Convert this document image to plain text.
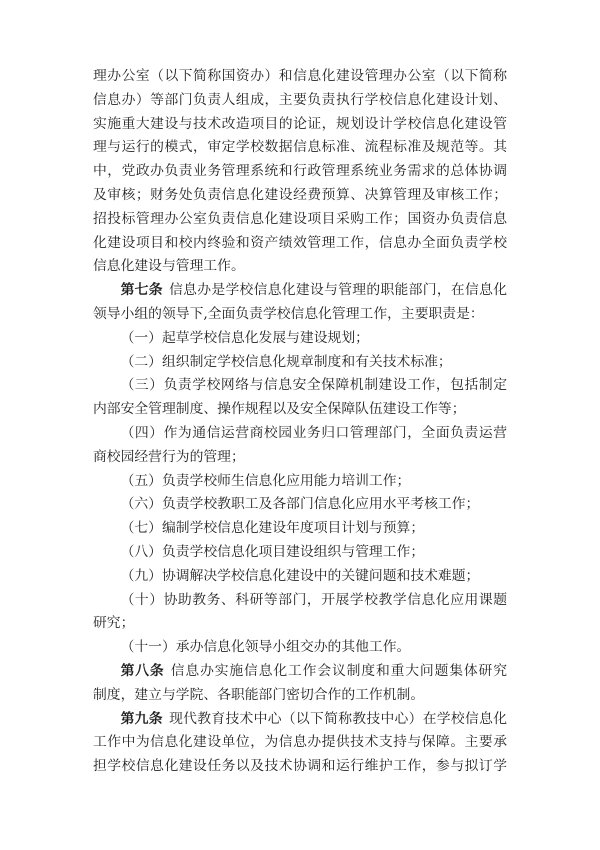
理办公室（以下简称国资办）和信息化建设管理办公室（以下简称
信息办）等部门负责人组成，主要负责执行学校信息化建设计划、
实施重大建设与技术改造项目的论证，规划设计学校信息化建设管
理与运行的模式，审定学校数据信息标准、流程标准及规范等。其
中，党政办负责业务管理系统和行政管理系统业务需求的总体协调
及审核；财务处负责信息化建设经费预算、决算管理及审核工作；
招投标管理办公室负责信息化建设项目采购工作；国资办负责信息
化建设项目和校内终验和资产绩效管理工作，信息办全面负责学校
信息化建设与管理工作。
第七条 信息办是学校信息化建设与管理的职能部门，在信息化
领导小组的领导下,全面负责学校信息化管理工作，主要职责是：
（一）起草学校信息化发展与建设规划；
（二）组织制定学校信息化规章制度和有关技术标准；
（三）负责学校网络与信息安全保障机制建设工作，包括制定
内部安全管理制度、操作规程以及安全保障队伍建设工作等；
（四）作为通信运营商校园业务归口管理部门，全面负责运营
商校园经营行为的管理；
（五）负责学校师生信息化应用能力培训工作；
（六）负责学校教职工及各部门信息化应用水平考核工作；
（七）编制学校信息化建设年度项目计划与预算；
（八）负责学校信息化项目建设组织与管理工作；
（九）协调解决学校信息化建设中的关键问题和技术难题；
（十）协助教务、科研等部门，开展学校教学信息化应用课题
研究；
（十一）承办信息化领导小组交办的其他工作。
第八条 信息办实施信息化工作会议制度和重大问题集体研究
制度，建立与学院、各职能部门密切合作的工作机制。
第九条 现代教育技术中心（以下简称教技中心）在学校信息化
工作中为信息化建设单位，为信息办提供技术支持与保障。主要承
担学校信息化建设任务以及技术协调和运行维护工作，参与拟订学
